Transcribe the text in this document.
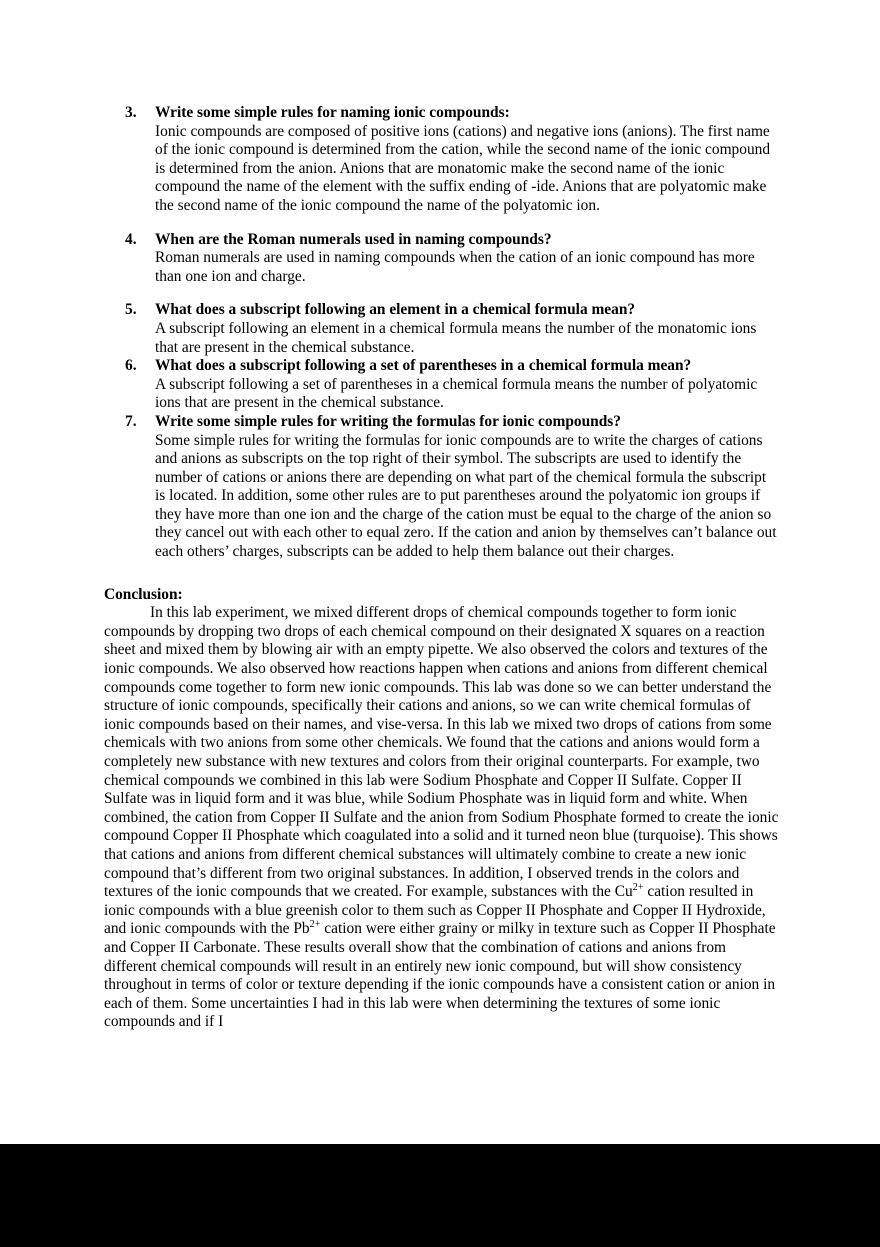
3. Write some simple rules for naming ionic compounds:

Ionic compounds are composed of positive ions (cations) and negative ions (anions). The first name of the ionic compound is determined from the cation, while the second name of the ionic compound is determined from the anion. Anions that are monatomic make the second name of the ionic compound the name of the element with the suffix ending of -ide. Anions that are polyatomic make the second name of the ionic compound the name of the polyatomic ion.

4. When are the Roman numerals used in naming compounds?

Roman numerals are used in naming compounds when the cation of an ionic compound has more than one ion and charge.

5. What does a subscript following an element in a chemical formula mean?

A subscript following an element in a chemical formula means the number of the monatomic ions that are present in the chemical substance.

6. What does a subscript following a set of parentheses in a chemical formula mean?

A subscript following a set of parentheses in a chemical formula means the number of polyatomic ions that are present in the chemical substance.

7. Write some simple rules for writing the formulas for ionic compounds?

Some simple rules for writing the formulas for ionic compounds are to write the charges of cations and anions as subscripts on the top right of their symbol. The subscripts are used to identify the number of cations or anions there are depending on what part of the chemical formula the subscript is located. In addition, some other rules are to put parentheses around the polyatomic ion groups if they have more than one ion and the charge of the cation must be equal to the charge of the anion so they cancel out with each other to equal zero. If the cation and anion by themselves can’t balance out each others’ charges, subscripts can be added to help them balance out their charges.

Conclusion:

In this lab experiment, we mixed different drops of chemical compounds together to form ionic compounds by dropping two drops of each chemical compound on their designated X squares on a reaction sheet and mixed them by blowing air with an empty pipette. We also observed the colors and textures of the ionic compounds. We also observed how reactions happen when cations and anions from different chemical compounds come together to form new ionic compounds. This lab was done so we can better understand the structure of ionic compounds, specifically their cations and anions, so we can write chemical formulas of ionic compounds based on their names, and vise-versa. In this lab we mixed two drops of cations from some chemicals with two anions from some other chemicals. We found that the cations and anions would form a completely new substance with new textures and colors from their original counterparts. For example, two chemical compounds we combined in this lab were Sodium Phosphate and Copper II Sulfate. Copper II Sulfate was in liquid form and it was blue, while Sodium Phosphate was in liquid form and white. When combined, the cation from Copper II Sulfate and the anion from Sodium Phosphate formed to create the ionic compound Copper II Phosphate which coagulated into a solid and it turned neon blue (turquoise). This shows that cations and anions from different chemical substances will ultimately combine to create a new ionic compound that’s different from two original substances. In addition, I observed trends in the colors and textures of the ionic compounds that we created. For example, substances with the $Cu^{2+}$ cation resulted in ionic compounds with a blue greenish color to them such as Copper II Phosphate and Copper II Hydroxide, and ionic compounds with the $Pb^{2+}$ cation were either grainy or milky in texture such as Copper II Phosphate and Copper II Carbonate. These results overall show that the combination of cations and anions from different chemical compounds will result in an entirely new ionic compound, but will show consistency throughout in terms of color or texture depending if the ionic compounds have a consistent cation or anion in each of them. Some uncertainties I had in this lab were when determining the textures of some ionic compounds and if I
